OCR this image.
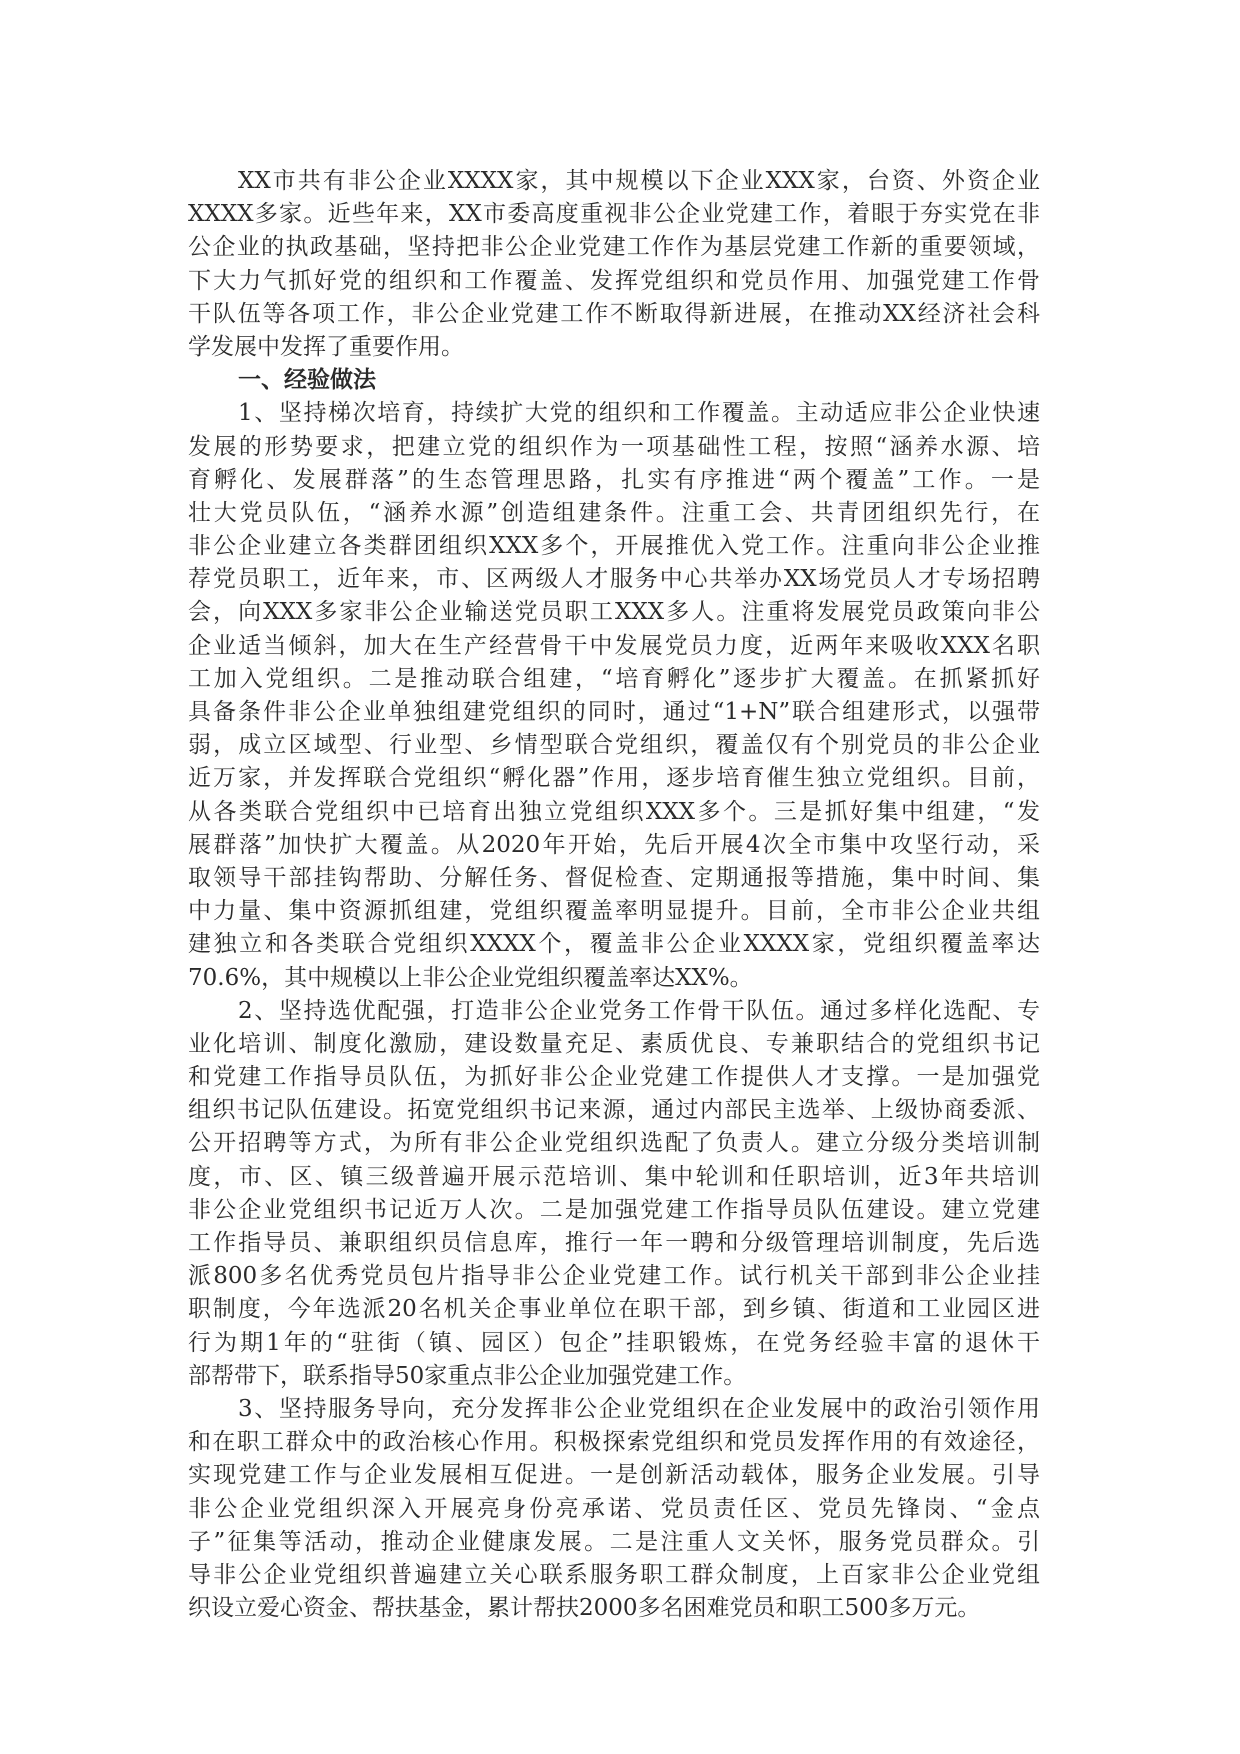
XX市共有非公企业XXXX家，其中规模以下企业XXX家，台资、外资企业
XXXX多家。近些年来，XX市委高度重视非公企业党建工作，着眼于夯实党在非
公企业的执政基础，坚持把非公企业党建工作作为基层党建工作新的重要领域，
下大力气抓好党的组织和工作覆盖、发挥党组织和党员作用、加强党建工作骨
干队伍等各项工作，非公企业党建工作不断取得新进展，在推动XX经济社会科
学发展中发挥了重要作用。
一、经验做法
1、坚持梯次培育，持续扩大党的组织和工作覆盖。主动适应非公企业快速
发展的形势要求，把建立党的组织作为一项基础性工程，按照“涵养水源、培
育孵化、发展群落”的生态管理思路，扎实有序推进“两个覆盖”工作。一是
壮大党员队伍，“涵养水源”创造组建条件。注重工会、共青团组织先行，在
非公企业建立各类群团组织XXX多个，开展推优入党工作。注重向非公企业推
荐党员职工，近年来，市、区两级人才服务中心共举办XX场党员人才专场招聘
会，向XXX多家非公企业输送党员职工XXX多人。注重将发展党员政策向非公
企业适当倾斜，加大在生产经营骨干中发展党员力度，近两年来吸收XXX名职
工加入党组织。二是推动联合组建，“培育孵化”逐步扩大覆盖。在抓紧抓好
具备条件非公企业单独组建党组织的同时，通过“1+N”联合组建形式，以强带
弱，成立区域型、行业型、乡情型联合党组织，覆盖仅有个别党员的非公企业
近万家，并发挥联合党组织“孵化器”作用，逐步培育催生独立党组织。目前，
从各类联合党组织中已培育出独立党组织XXX多个。三是抓好集中组建，“发
展群落”加快扩大覆盖。从2020年开始，先后开展4次全市集中攻坚行动，采
取领导干部挂钩帮助、分解任务、督促检查、定期通报等措施，集中时间、集
中力量、集中资源抓组建，党组织覆盖率明显提升。目前，全市非公企业共组
建独立和各类联合党组织XXXX个，覆盖非公企业XXXX家，党组织覆盖率达
70.6%，其中规模以上非公企业党组织覆盖率达XX%。
2、坚持选优配强，打造非公企业党务工作骨干队伍。通过多样化选配、专
业化培训、制度化激励，建设数量充足、素质优良、专兼职结合的党组织书记
和党建工作指导员队伍，为抓好非公企业党建工作提供人才支撑。一是加强党
组织书记队伍建设。拓宽党组织书记来源，通过内部民主选举、上级协商委派、
公开招聘等方式，为所有非公企业党组织选配了负责人。建立分级分类培训制
度，市、区、镇三级普遍开展示范培训、集中轮训和任职培训，近3年共培训
非公企业党组织书记近万人次。二是加强党建工作指导员队伍建设。建立党建
工作指导员、兼职组织员信息库，推行一年一聘和分级管理培训制度，先后选
派800多名优秀党员包片指导非公企业党建工作。试行机关干部到非公企业挂
职制度，今年选派20名机关企事业单位在职干部，到乡镇、街道和工业园区进
行为期1年的“驻街（镇、园区）包企”挂职锻炼，在党务经验丰富的退休干
部帮带下，联系指导50家重点非公企业加强党建工作。
3、坚持服务导向，充分发挥非公企业党组织在企业发展中的政治引领作用
和在职工群众中的政治核心作用。积极探索党组织和党员发挥作用的有效途径，
实现党建工作与企业发展相互促进。一是创新活动载体，服务企业发展。引导
非公企业党组织深入开展亮身份亮承诺、党员责任区、党员先锋岗、“金点
子”征集等活动，推动企业健康发展。二是注重人文关怀，服务党员群众。引
导非公企业党组织普遍建立关心联系服务职工群众制度，上百家非公企业党组
织设立爱心资金、帮扶基金，累计帮扶2000多名困难党员和职工500多万元。
